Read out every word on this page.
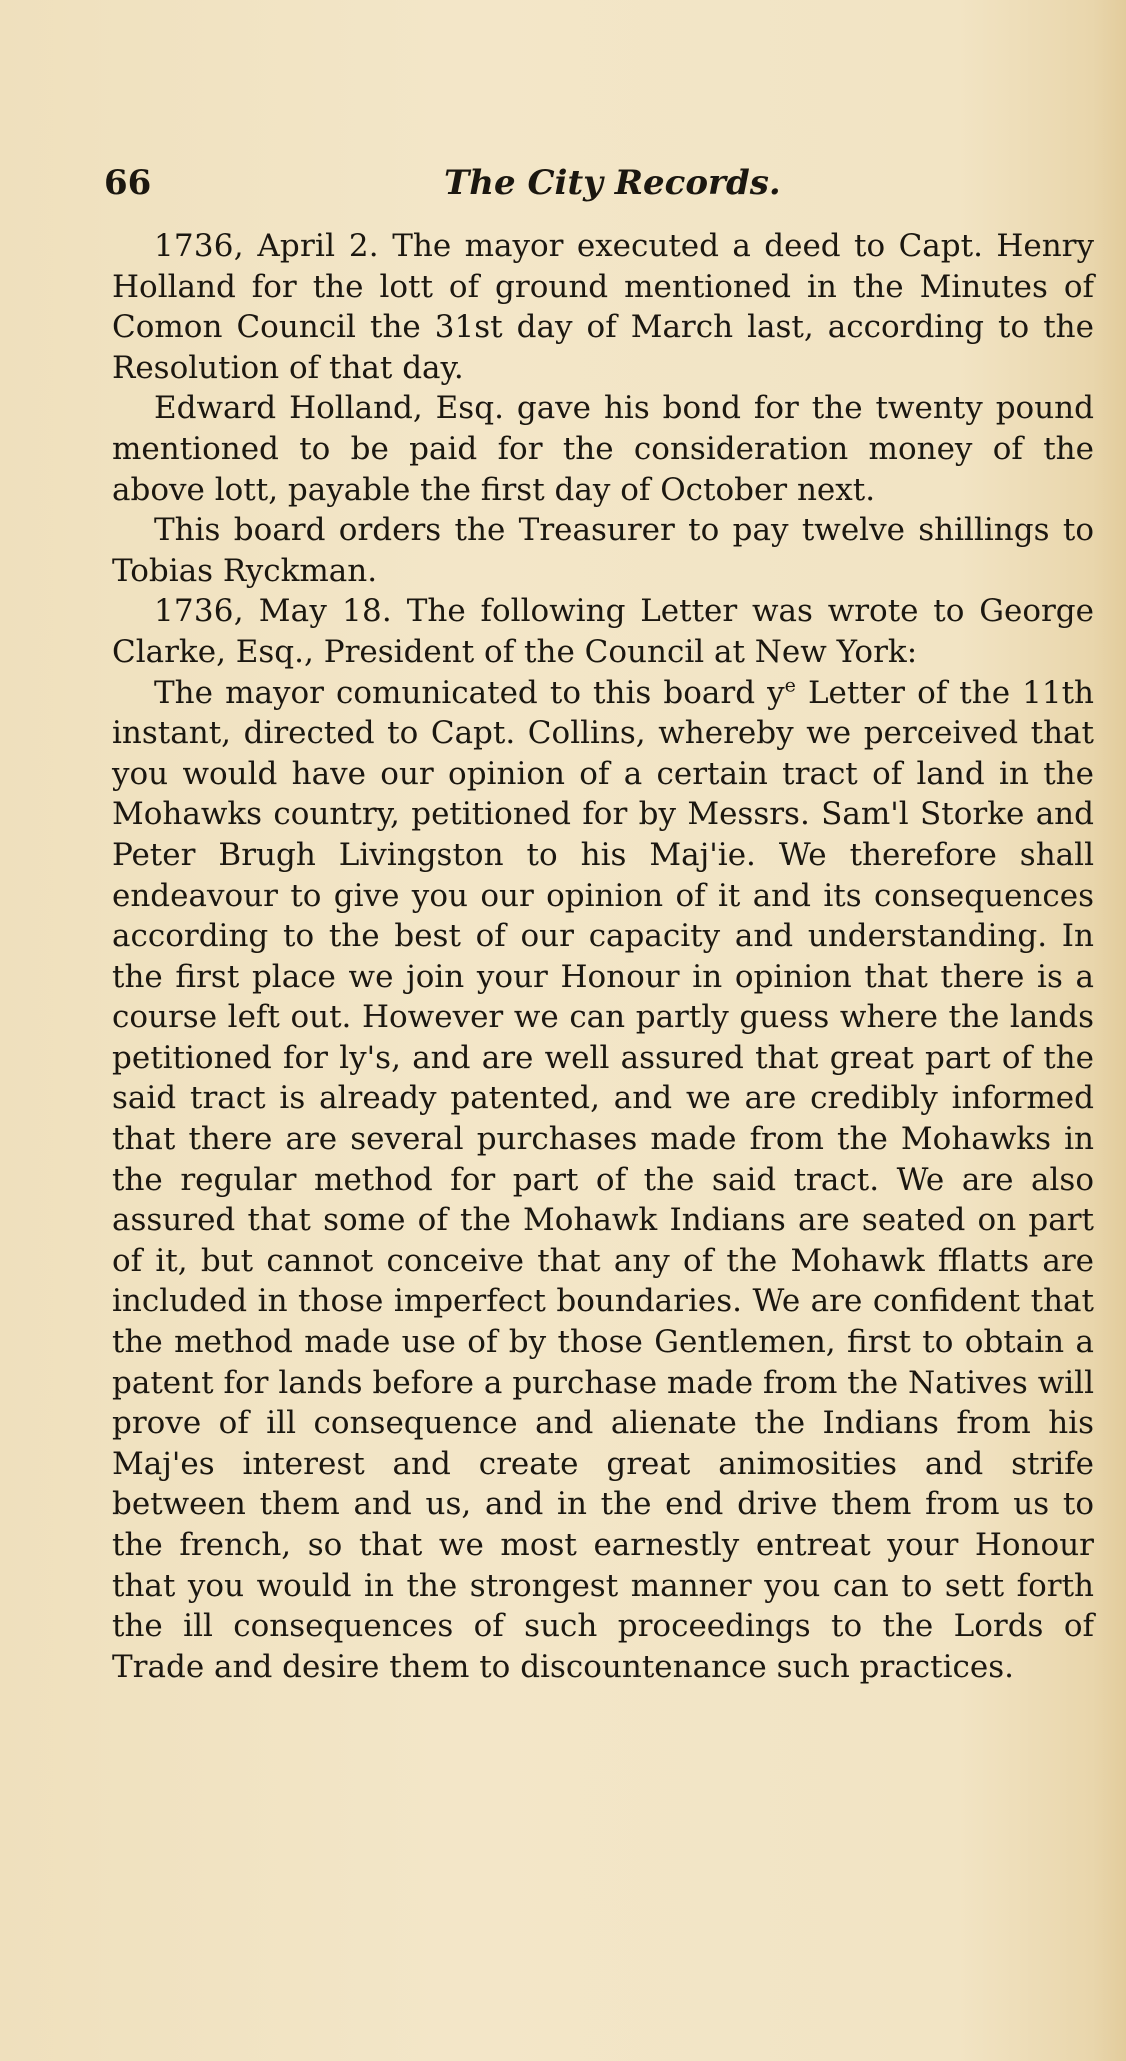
66	The City Records.

1736, April 2. The mayor executed a deed to Capt. Henry Holland for the lott of ground mentioned in the Minutes of Comon Council the 31st day of March last, according to the Resolution of that day.

Edward Holland, Esq. gave his bond for the twenty pound mentioned to be paid for the consideration money of the above lott, payable the first day of October next.

This board orders the Treasurer to pay twelve shillings to Tobias Ryckman.

1736, May 18. The following Letter was wrote to George Clarke, Esq., President of the Council at New York:

The mayor comunicated to this board $y^e$ Letter of the 11th instant, directed to Capt. Collins, whereby we perceived that you would have our opinion of a certain tract of land in the Mohawks country, petitioned for by Messrs. Sam'l Storke and Peter Brugh Livingston to his Maj'ie. We therefore shall endeavour to give you our opinion of it and its consequences according to the best of our capacity and understanding. In the first place we join your Honour in opinion that there is a course left out. However we can partly guess where the lands petitioned for ly's, and are well assured that great part of the said tract is already patented, and we are credibly informed that there are several purchases made from the Mohawks in the regular method for part of the said tract. We are also assured that some of the Mohawk Indians are seated on part of it, but cannot conceive that any of the Mohawk fflatts are included in those imperfect boundaries. We are confident that the method made use of by those Gentlemen, first to obtain a patent for lands before a purchase made from the Natives will prove of ill consequence and alienate the Indians from his Maj'es interest and create great animosities and strife between them and us, and in the end drive them from us to the french, so that we most earnestly entreat your Honour that you would in the strongest manner you can to sett forth the ill consequences of such proceedings to the Lords of Trade and desire them to discountenance such practices.
